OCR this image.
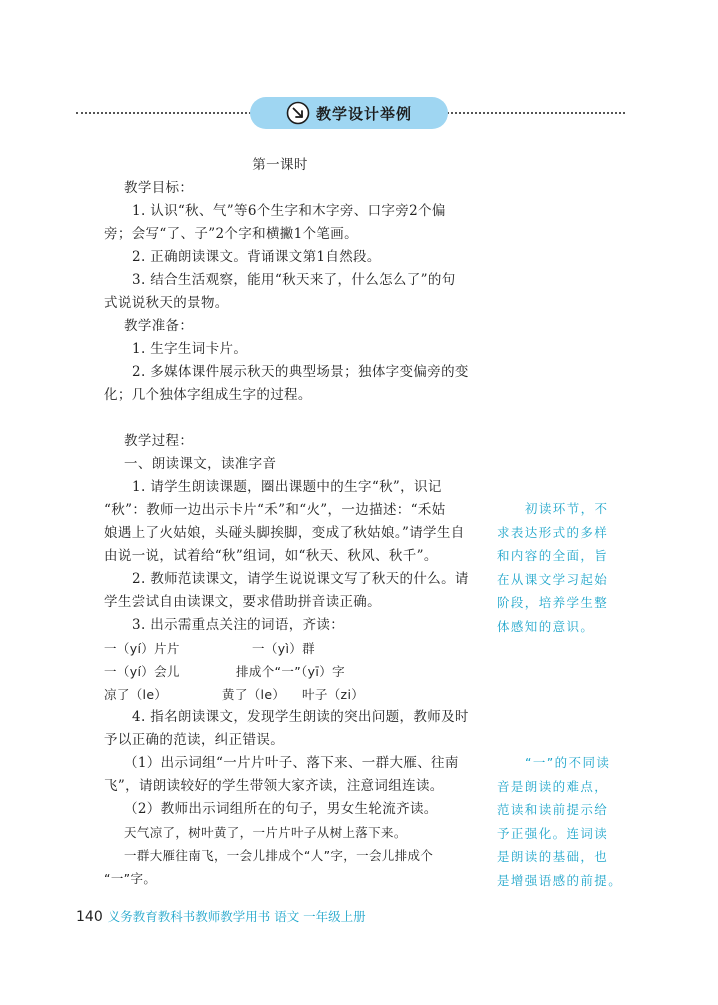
教学设计举例
第一课时
教学目标：
1. 认识“秋、气”等6个生字和木字旁、口字旁2个偏
旁；会写“了、子”2个字和横撇1个笔画。
2. 正确朗读课文。背诵课文第1自然段。
3. 结合生活观察，能用“秋天来了，什么怎么了”的句
式说说秋天的景物。
教学准备：
1. 生字生词卡片。
2. 多媒体课件展示秋天的典型场景；独体字变偏旁的变
化；几个独体字组成生字的过程。
教学过程：
一、朗读课文，读准字音
1. 请学生朗读课题，圈出课题中的生字“秋”，识记
“秋”：教师一边出示卡片“禾”和“火”，一边描述：“禾姑
娘遇上了火姑娘，头碰头脚挨脚，变成了秋姑娘。”请学生自
由说一说，试着给“秋”组词，如“秋天、秋风、秋千”。
2. 教师范读课文，请学生说说课文写了秋天的什么。请
学生尝试自由读课文，要求借助拼音读正确。
3. 出示需重点关注的词语，齐读：
一（yí）片片	一（yì）群
一（yí）会儿	排成个“一”（yī）字
凉了（le）	黄了（le） 叶子（zi）
4. 指名朗读课文，发现学生朗读的突出问题，教师及时
予以正确的范读，纠正错误。
（1）出示词组“一片片叶子、落下来、一群大雁、往南
飞”，请朗读较好的学生带领大家齐读，注意词组连读。
（2）教师出示词组所在的句子，男女生轮流齐读。
天气凉了，树叶黄了，一片片叶子从树上落下来。
一群大雁往南飞，一会儿排成个“人”字，一会儿排成个
“一”字。
初读环节，不
求表达形式的多样
和内容的全面，旨
在从课文学习起始
阶段，培养学生整
体感知的意识。
“一”的不同读
音是朗读的难点，
范读和读前提示给
予正强化。连词读
是朗读的基础，也
是增强语感的前提。
140 义务教育教科书教师教学用书 语文 一年级上册
